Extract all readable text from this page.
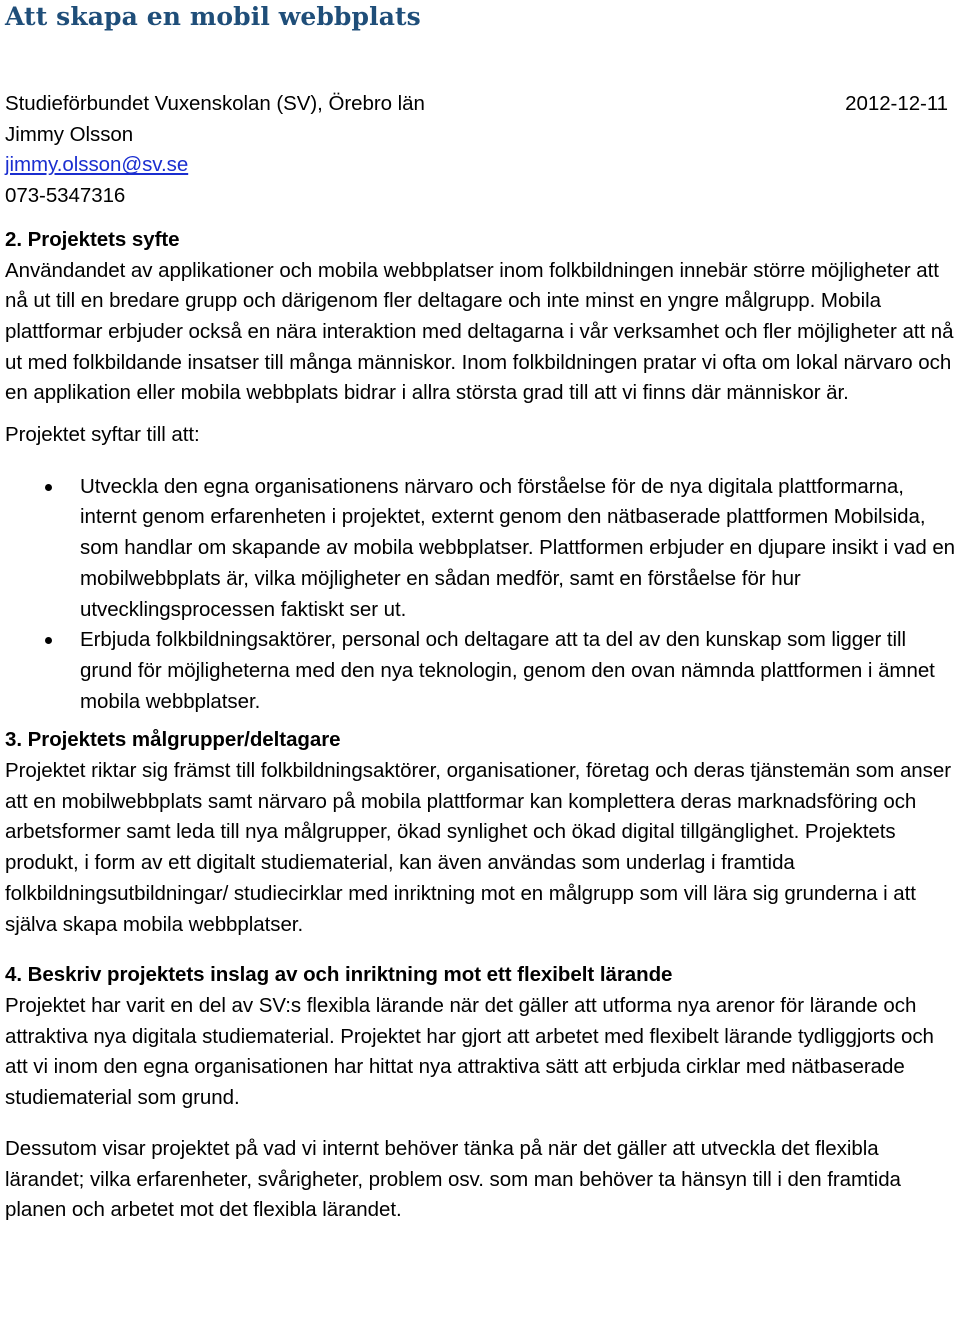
Att skapa en mobil webbplats
Studieförbundet Vuxenskolan (SV), Örebro län	2012-12-11
Jimmy Olsson
jimmy.olsson@sv.se
073-5347316
2. Projektets syfte

Användandet av applikationer och mobila webbplatser inom folkbildningen innebär större möjligheter att nå ut till en bredare grupp och därigenom fler deltagare och inte minst en yngre målgrupp. Mobila plattformar erbjuder också en nära interaktion med deltagarna i vår verksamhet och fler möjligheter att nå ut med folkbildande insatser till många människor. Inom folkbildningen pratar vi ofta om lokal närvaro och en applikation eller mobila webbplats bidrar i allra största grad till att vi finns där människor är.

Projektet syftar till att:

Utveckla den egna organisationens närvaro och förståelse för de nya digitala plattformarna, internt genom erfarenheten i projektet, externt genom den nätbaserade plattformen Mobilsida, som handlar om skapande av mobila webbplatser. Plattformen erbjuder en djupare insikt i vad en mobilwebbplats är, vilka möjligheter en sådan medför, samt en förståelse för hur utvecklingsprocessen faktiskt ser ut.
Erbjuda folkbildningsaktörer, personal och deltagare att ta del av den kunskap som ligger till grund för möjligheterna med den nya teknologin, genom den ovan nämnda plattformen i ämnet mobila webbplatser.
3. Projektets målgrupper/deltagare

Projektet riktar sig främst till folkbildningsaktörer, organisationer, företag och deras tjänstemän som anser att en mobilwebbplats samt närvaro på mobila plattformar kan komplettera deras marknadsföring och arbetsformer samt leda till nya målgrupper, ökad synlighet och ökad digital tillgänglighet. Projektets produkt, i form av ett digitalt studiematerial, kan även användas som underlag i framtida folkbildningsutbildningar/ studiecirklar med inriktning mot en målgrupp som vill lära sig grunderna i att själva skapa mobila webbplatser.

4. Beskriv projektets inslag av och inriktning mot ett flexibelt lärande

Projektet har varit en del av SV:s flexibla lärande när det gäller att utforma nya arenor för lärande och attraktiva nya digitala studiematerial. Projektet har gjort att arbetet med flexibelt lärande tydliggjorts och att vi inom den egna organisationen har hittat nya attraktiva sätt att erbjuda cirklar med nätbaserade studiematerial som grund.

Dessutom visar projektet på vad vi internt behöver tänka på när det gäller att utveckla det flexibla lärandet; vilka erfarenheter, svårigheter, problem osv. som man behöver ta hänsyn till i den framtida planen och arbetet mot det flexibla lärandet.
